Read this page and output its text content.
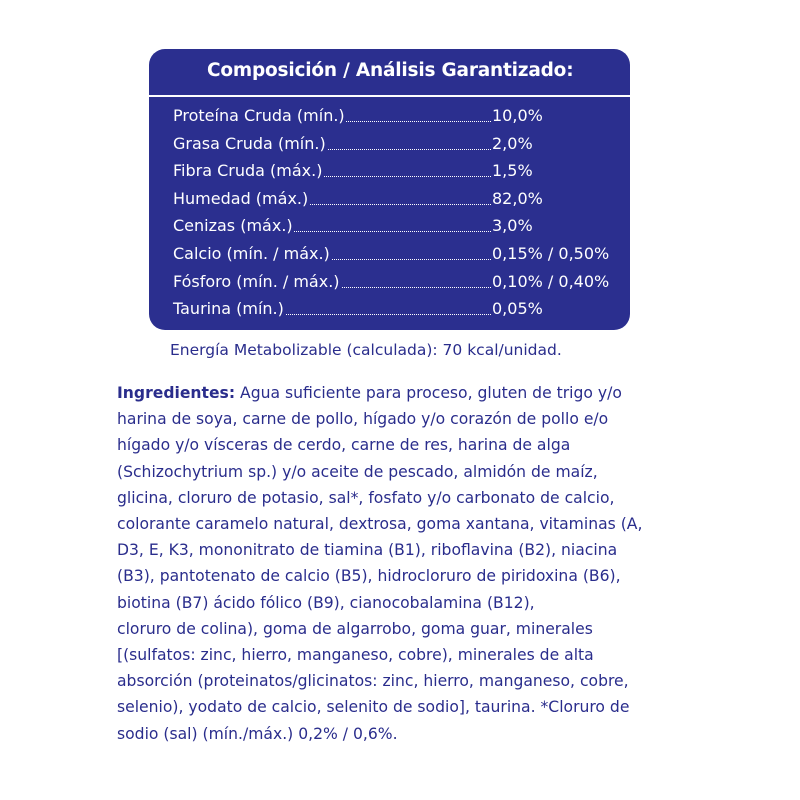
Composición / Análisis Garantizado:
Proteína Cruda (mín.)	10,0%
Grasa Cruda (mín.)	2,0%
Fibra Cruda (máx.)	1,5%
Humedad (máx.)	82,0%
Cenizas (máx.)	3,0%
Calcio (mín. / máx.)	0,15% / 0,50%
Fósforo (mín. / máx.)	0,10% / 0,40%
Taurina (mín.)	0,05%
Energía Metabolizable (calculada): 70 kcal/unidad.
Ingredientes: Agua suficiente para proceso, gluten de trigo y/o
harina de soya, carne de pollo, hígado y/o corazón de pollo e/o
hígado y/o vísceras de cerdo, carne de res, harina de alga
(Schizochytrium sp.) y/o aceite de pescado, almidón de maíz,
glicina, cloruro de potasio, sal*, fosfato y/o carbonato de calcio,
colorante caramelo natural, dextrosa, goma xantana, vitaminas (A,
D3, E, K3, mononitrato de tiamina (B1), riboflavina (B2), niacina
(B3), pantotenato de calcio (B5), hidrocloruro de piridoxina (B6),
biotina (B7) ácido fólico (B9), cianocobalamina (B12),
cloruro de colina), goma de algarrobo, goma guar, minerales
[(sulfatos: zinc, hierro, manganeso, cobre), minerales de alta
absorción (proteinatos/glicinatos: zinc, hierro, manganeso, cobre,
selenio), yodato de calcio, selenito de sodio], taurina. *Cloruro de
sodio (sal) (mín./máx.) 0,2% / 0,6%.
